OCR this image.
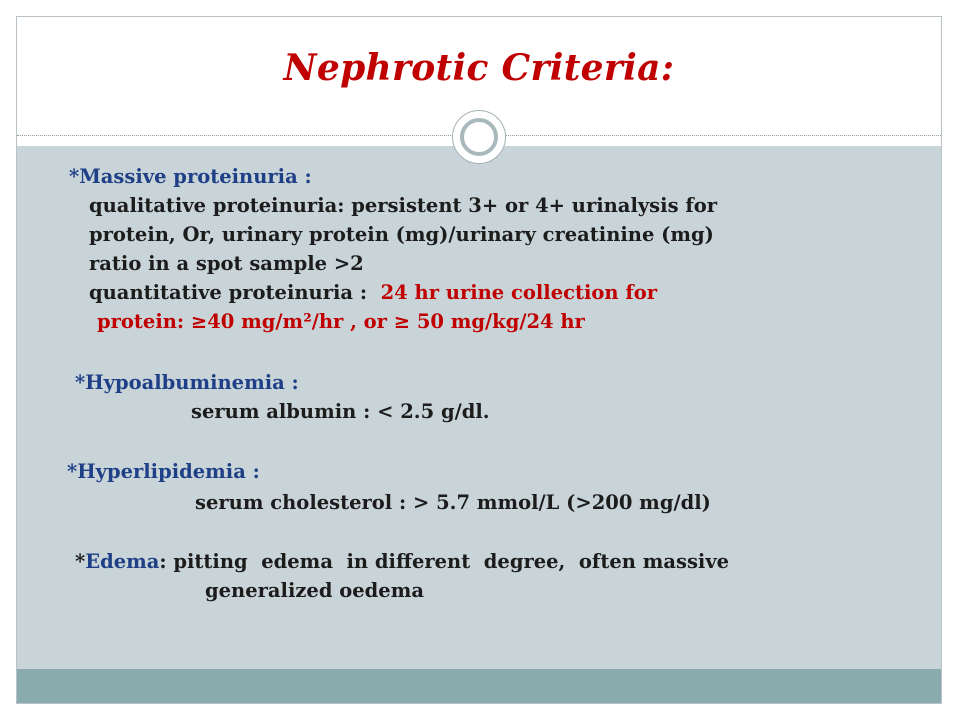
Nephrotic Criteria:
*Massive proteinuria :
qualitative proteinuria: persistent 3+ or 4+ urinalysis for
protein, Or, urinary protein (mg)/urinary creatinine (mg)
ratio in a spot sample >2
quantitative proteinuria :  24 hr urine collection for
protein: ≥40 mg/m²/hr , or ≥ 50 mg/kg/24 hr
*Hypoalbuminemia :
serum albumin : < 2.5 g/dl.
*Hyperlipidemia :
serum cholesterol : > 5.7 mmol/L (>200 mg/dl)
*Edema: pitting  edema  in different  degree,  often massive
generalized oedema
